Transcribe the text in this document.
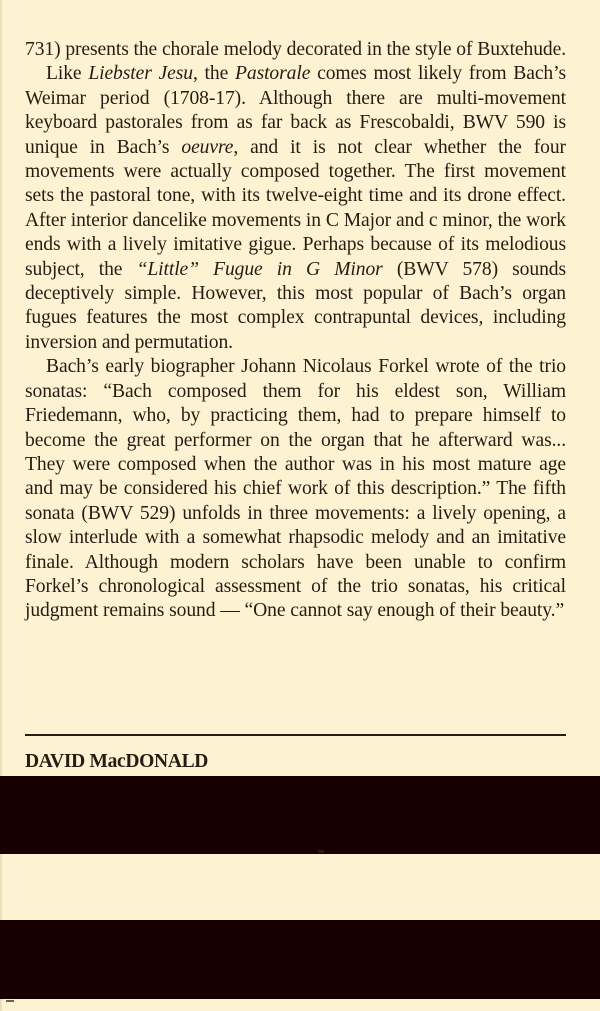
731) presents the chorale melody decorated in the style of Buxtehude.

Like Liebster Jesu, the Pastorale comes most likely from Bach’s Weimar period (1708-17). Although there are multi-movement keyboard pastorales from as far back as Frescobaldi, BWV 590 is unique in Bach’s oeuvre, and it is not clear whether the four movements were actually composed together. The first movement sets the pastoral tone, with its twelve-eight time and its drone effect. After interior dancelike movements in C Major and c minor, the work ends with a lively imitative gigue. Perhaps because of its melodious subject, the “Little” Fugue in G Minor (BWV 578) sounds deceptively simple. However, this most popular of Bach’s organ fugues features the most complex contrapuntal devices, including inversion and permutation.

Bach’s early biographer Johann Nicolaus Forkel wrote of the trio sonatas: “Bach composed them for his eldest son, William Friedemann, who, by practicing them, had to prepare himself to become the great performer on the organ that he afterward was... They were composed when the author was in his most mature age and may be considered his chief work of this description.” The fifth sonata (BWV 529) unfolds in three movements: a lively opening, a slow interlude with a somewhat rhapsodic melody and an imitative finale. Although modern scholars have been unable to confirm Forkel’s chronological assessment of the trio sonatas, his critical judgment remains sound — “One cannot say enough of their beauty.”

DAVID MacDONALD
